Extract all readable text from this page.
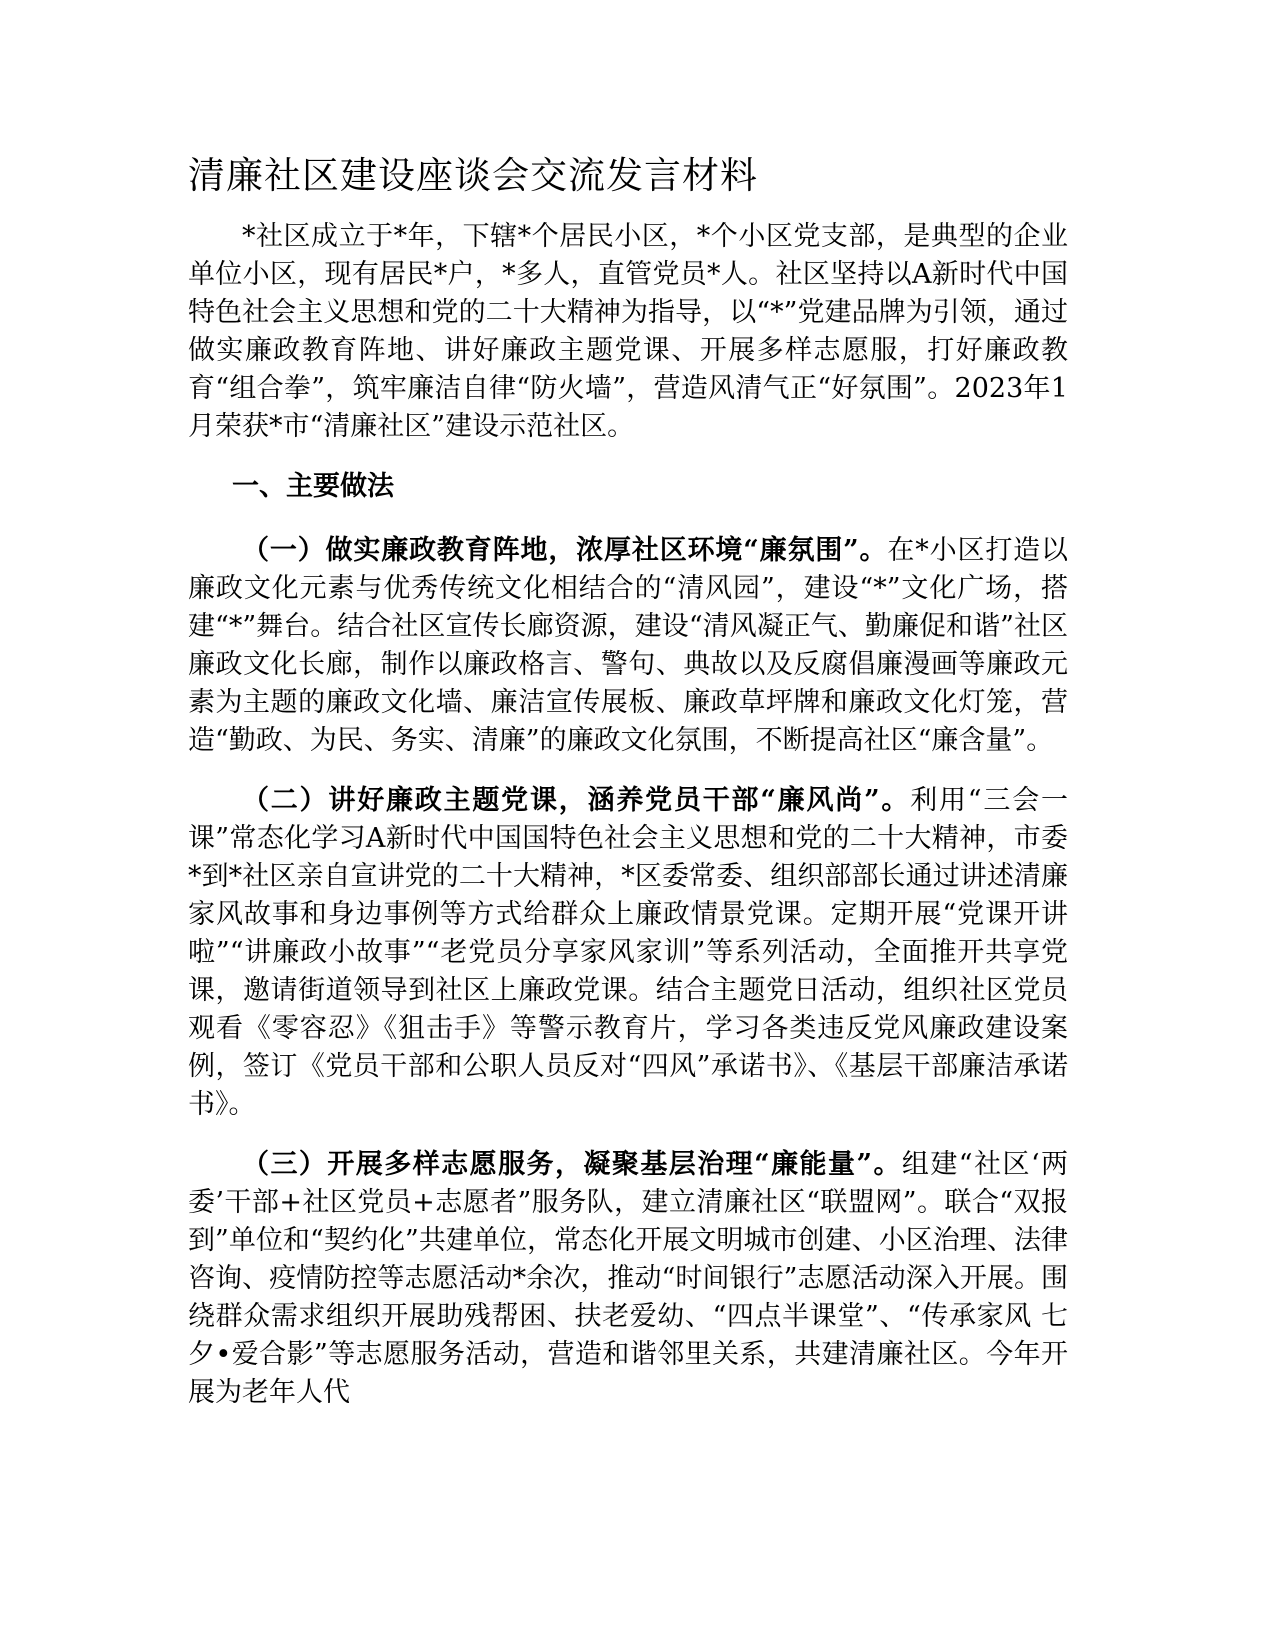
清廉社区建设座谈会交流发言材料

*社区成立于*年，下辖*个居民小区，*个小区党支部，是典型的企业单位小区，现有居民*户，*多人，直管党员*人。社区坚持以A新时代中国特色社会主义思想和党的二十大精神为指导，以“*”党建品牌为引领，通过做实廉政教育阵地、讲好廉政主题党课、开展多样志愿服，打好廉政教育“组合拳”，筑牢廉洁自律“防火墙”，营造风清气正“好氛围”。2023年1月荣获*市“清廉社区”建设示范社区。

一、主要做法

（一）做实廉政教育阵地，浓厚社区环境“廉氛围”。在*小区打造以廉政文化元素与优秀传统文化相结合的“清风园”，建设“*”文化广场，搭建“*”舞台。结合社区宣传长廊资源，建设“清风凝正气、勤廉促和谐”社区廉政文化长廊，制作以廉政格言、警句、典故以及反腐倡廉漫画等廉政元素为主题的廉政文化墙、廉洁宣传展板、廉政草坪牌和廉政文化灯笼，营造“勤政、为民、务实、清廉”的廉政文化氛围，不断提高社区“廉含量”。

（二）讲好廉政主题党课，涵养党员干部“廉风尚”。利用“三会一课”常态化学习A新时代中国国特色社会主义思想和党的二十大精神，市委*到*社区亲自宣讲党的二十大精神，*区委常委、组织部部长通过讲述清廉家风故事和身边事例等方式给群众上廉政情景党课。定期开展“党课开讲啦”“讲廉政小故事”“老党员分享家风家训”等系列活动，全面推开共享党课，邀请街道领导到社区上廉政党课。结合主题党日活动，组织社区党员观看《零容忍》《狙击手》等警示教育片，学习各类违反党风廉政建设案例，签订《党员干部和公职人员反对“四风”承诺书》、《基层干部廉洁承诺书》。

（三）开展多样志愿服务，凝聚基层治理“廉能量”。组建“社区‘两委’干部+社区党员+志愿者”服务队，建立清廉社区“联盟网”。联合“双报到”单位和“契约化”共建单位，常态化开展文明城市创建、小区治理、法律咨询、疫情防控等志愿活动*余次，推动“时间银行”志愿活动深入开展。围绕群众需求组织开展助残帮困、扶老爱幼、“四点半课堂”、“传承家风 七夕•爱合影”等志愿服务活动，营造和谐邻里关系，共建清廉社区。今年开展为老年人代
